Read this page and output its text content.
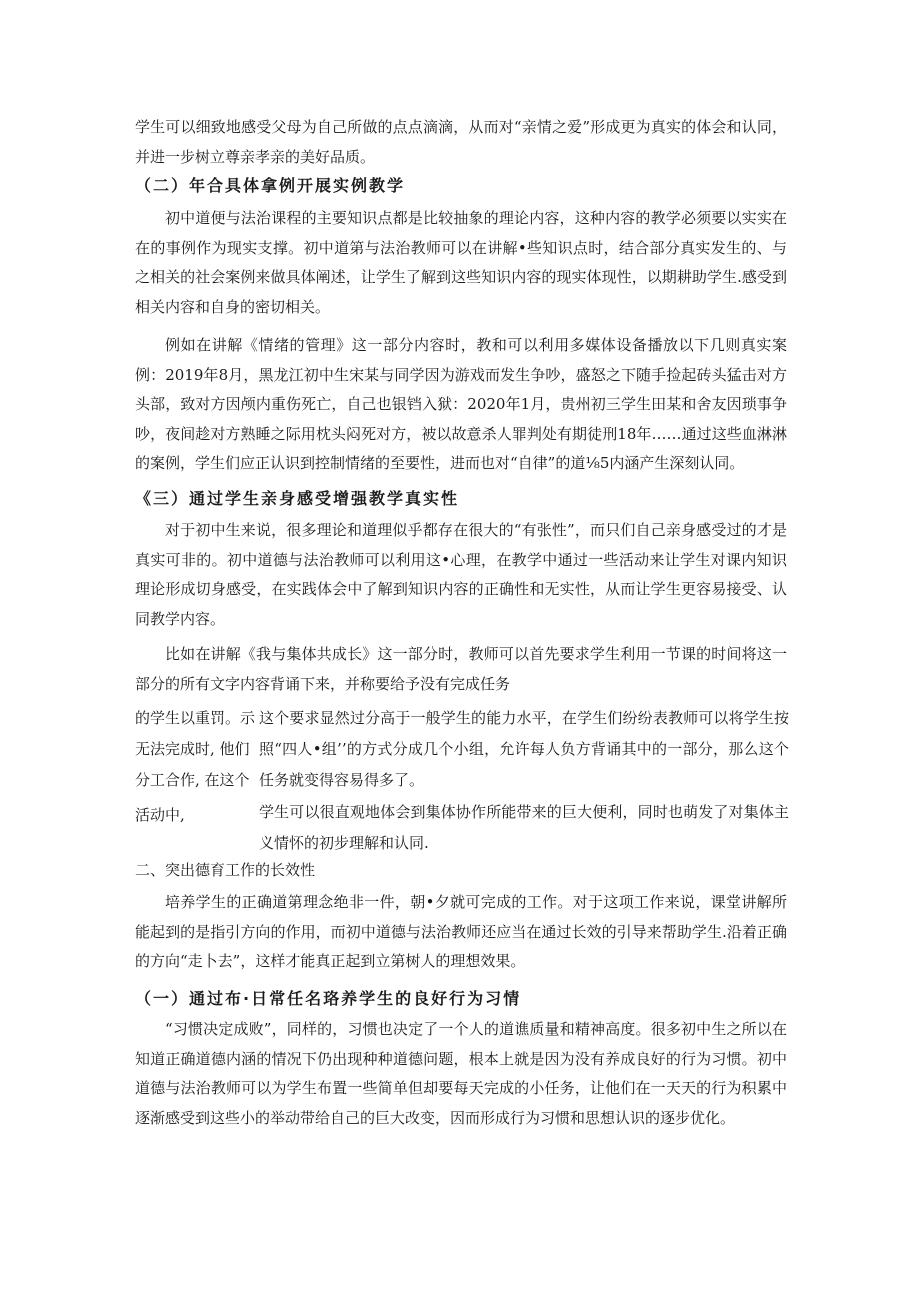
学生可以细致地感受父母为自己所做的点点滴滴，从而对“亲情之爱”形成更为真实的体会和认同，并进一步树立尊亲孝亲的美好品质。

（二）年合具体拿例开展实例教学

初中道便与法治课程的主要知识点都是比较抽象的理论内容，这种内容的教学必须要以实实在在的事例作为现实支撑。初中道第与法治教师可以在讲解•些知识点时，结合部分真实发生的、与之相关的社会案例来做具体阐述，让学生了解到这些知识内容的现实体现性，以期耕助学生.感受到相关内容和自身的密切相关。

例如在讲解《情绪的管理》这一部分内容时，教和可以利用多媒体设备播放以下几则真实案例：2019年8月，黑龙江初中生宋某与同学因为游戏而发生争吵，盛怒之下随手捡起砖头猛击对方头部，致对方因颅内重伤死亡，自己也银铛入狱：2020年1月，贵州初三学生田某和舍友因琐事争吵，夜间趁对方熟睡之际用枕头闷死对方，被以故意杀人罪判处有期徒刑18年……通过这些血淋淋的案例，学生们应正认识到控制情绪的至要性，进而也对“自律”的道⅛5内涵产生深刻认同。

《三）通过学生亲身感受增强教学真实性

对于初中生来说，很多理论和道理似乎都存在很大的“有张性”，而只们自己亲身感受过的才是真实可非的。初中道德与法治教师可以利用这•心理，在教学中通过一些活动来让学生对课内知识理论形成切身感受，在实践体会中了解到知识内容的正确性和无实性，从而让学生更容易接受、认同教学内容。

比如在讲解《我与集体共成长》这一部分时，教师可以首先要求学生利用一节课的时间将这一部分的所有文字内容背诵下来，并称要给予没有完成任务

的学生以重罚。示
无法完成时, 他们
分工合作, 在这个
活动中,

这个要求显然过分高于一般学生的能力水平，在学生们纷纷表教师可以将学生按照“四人•组’’的方式分成几个小组，允许每人负方背诵其中的一部分，那么这个任务就变得容易得多了。

学生可以很直观地体会到集体协作所能带来的巨大便利，同时也萌发了对集体主义情怀的初步理解和认同.

二、突出德育工作的长效性

培养学生的正确道第理念绝非一件，朝•夕就可完成的工作。对于这项工作来说，课堂讲解所能起到的是指引方向的作用，而初中道德与法治教师还应当在通过长效的引导来帮助学生.沿着正确的方向“走卜去”，这样才能真正起到立第树人的理想效果。

（一）通过布·日常任名珞养学生的良好行为习情

“习惯决定成败”，同样的，习惯也决定了一个人的道谯质量和精神高度。很多初中生之所以在知道正确道德内涵的情况下仍出现种种道德问题，根本上就是因为没有养成良好的行为习惯。初中道德与法治教师可以为学生布置一些简单但却要每天完成的小任务，让他们在一天天的行为积累中逐渐感受到这些小的举动带给自己的巨大改变，因而形成行为习惯和思想认识的逐步优化。
